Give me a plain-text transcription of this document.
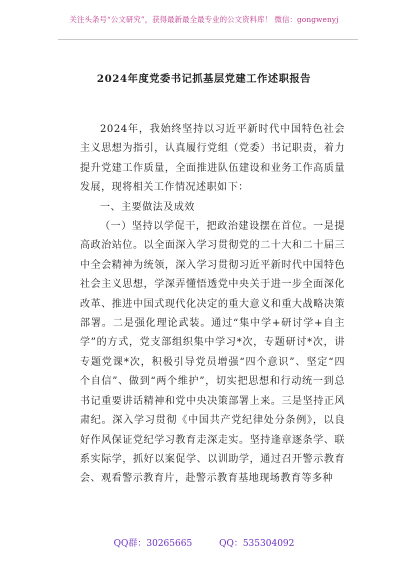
关注头条号“公文研究”，获得最新最全最专业的公文资料库！ 微信：gongwenyj
2024年度党委书记抓基层党建工作述职报告

2024年，我始终坚持以习近平新时代中国特色社会主义思想为指引，认真履行党组（党委）书记职责，着力提升党建工作质量，全面推进队伍建设和业务工作高质量发展，现将相关工作情况述职如下：

一、主要做法及成效

（一）坚持以学促干，把政治建设摆在首位。一是提高政治站位。以全面深入学习贯彻党的二十大和二十届三中全会精神为统领，深入学习贯彻习近平新时代中国特色社会主义思想，学深弄懂悟透党中央关于进一步全面深化改革、推进中国式现代化决定的重大意义和重大战略决策部署。二是强化理论武装。通过“集中学+研讨学+自主学”的方式，党支部组织集中学习*次，专题研讨*次，讲专题党课*次，积极引导党员增强“四个意识”、坚定“四个自信”、做到“两个维护”，切实把思想和行动统一到总书记重要讲话精神和党中央决策部署上来。三是坚持正风肃纪。深入学习贯彻《中国共产党纪律处分条例》，以良好作风保证党纪学习教育走深走实。坚持逢章逐条学、联系实际学，抓好以案促学、以训助学，通过召开警示教育会、观看警示教育片，赴警示教育基地现场教育等多种

QQ群：30265665	QQ：535304092
